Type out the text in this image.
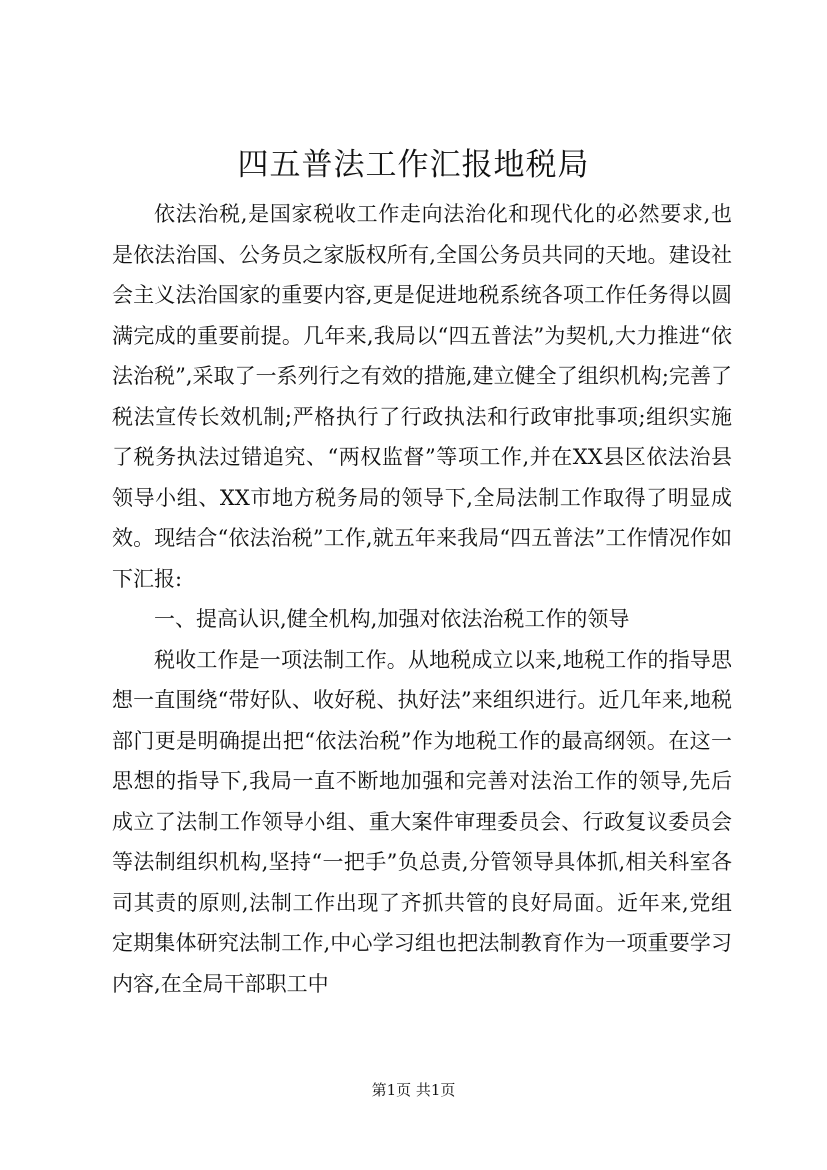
四五普法工作汇报地税局

依法治税,是国家税收工作走向法治化和现代化的必然要求,也是依法治国、公务员之家版权所有,全国公务员共同的天地。建设社会主义法治国家的重要内容,更是促进地税系统各项工作任务得以圆满完成的重要前提。几年来,我局以“四五普法”为契机,大力推进“依法治税”,采取了一系列行之有效的措施,建立健全了组织机构;完善了税法宣传长效机制;严格执行了行政执法和行政审批事项;组织实施了税务执法过错追究、“两权监督”等项工作,并在XX县区依法治县领导小组、XX市地方税务局的领导下,全局法制工作取得了明显成效。现结合“依法治税”工作,就五年来我局“四五普法”工作情况作如下汇报:

一、提高认识,健全机构,加强对依法治税工作的领导

税收工作是一项法制工作。从地税成立以来,地税工作的指导思想一直围绕“带好队、收好税、执好法”来组织进行。近几年来,地税部门更是明确提出把“依法治税”作为地税工作的最高纲领。在这一思想的指导下,我局一直不断地加强和完善对法治工作的领导,先后成立了法制工作领导小组、重大案件审理委员会、行政复议委员会等法制组织机构,坚持“一把手”负总责,分管领导具体抓,相关科室各司其责的原则,法制工作出现了齐抓共管的良好局面。近年来,党组定期集体研究法制工作,中心学习组也把法制教育作为一项重要学习内容,在全局干部职工中

第1页 共1页
